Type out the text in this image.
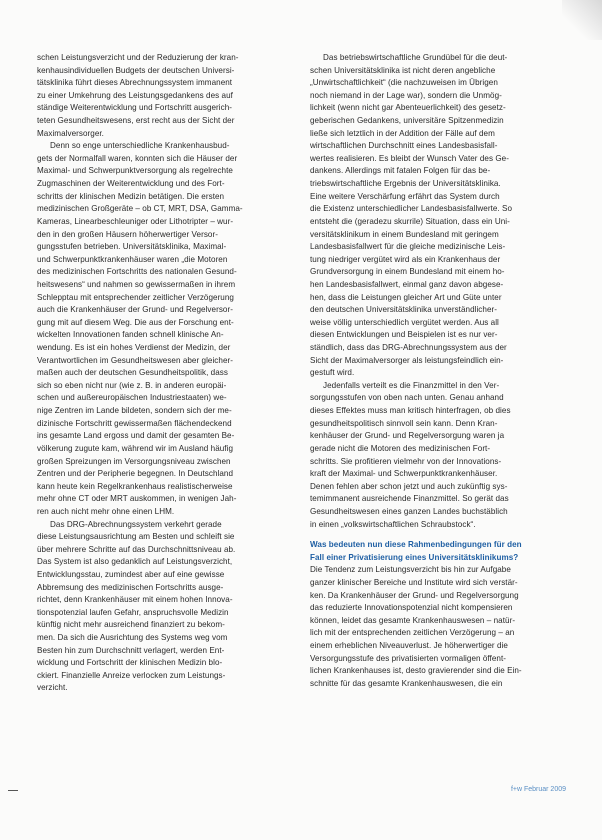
schen Leistungsverzicht und der Reduzierung der kran-
kenhausindividuellen Budgets der deutschen Universi-
tätsklinika führt dieses Abrechnungssystem immanent
zu einer Umkehrung des Leistungsgedankens des auf
ständige Weiterentwicklung und Fortschritt ausgerich-
teten Gesundheitswesens, erst recht aus der Sicht der
Maximalversorger.
Denn so enge unterschiedliche Krankenhausbud-
gets der Normalfall waren, konnten sich die Häuser der
Maximal- und Schwerpunktversorgung als regelrechte
Zugmaschinen der Weiterentwicklung und des Fort-
schritts der klinischen Medizin betätigen. Die ersten
medizinischen Großgeräte – ob CT, MRT, DSA, Gamma-
Kameras, Linearbeschleuniger oder Lithotripter – wur-
den in den großen Häusern höherwertiger Versor-
gungsstufen betrieben. Universitätsklinika, Maximal-
und Schwerpunktkrankenhäuser waren „die Motoren
des medizinischen Fortschritts des nationalen Gesund-
heitswesens“ und nahmen so gewissermaßen in ihrem
Schlepptau mit entsprechender zeitlicher Verzögerung
auch die Krankenhäuser der Grund- und Regelversor-
gung mit auf diesem Weg. Die aus der Forschung ent-
wickelten Innovationen fanden schnell klinische An-
wendung. Es ist ein hohes Verdienst der Medizin, der
Verantwortlichen im Gesundheitswesen aber gleicher-
maßen auch der deutschen Gesundheitspolitik, dass
sich so eben nicht nur (wie z. B. in anderen europäi-
schen und außereuropäischen Industriestaaten) we-
nige Zentren im Lande bildeten, sondern sich der me-
dizinische Fortschritt gewissermaßen flächendeckend
ins gesamte Land ergoss und damit der gesamten Be-
völkerung zugute kam, während wir im Ausland häufig
großen Spreizungen im Versorgungsniveau zwischen
Zentren und der Peripherie begegnen. In Deutschland
kann heute kein Regelkrankenhaus realistischerweise
mehr ohne CT oder MRT auskommen, in wenigen Jah-
ren auch nicht mehr ohne einen LHM.
Das DRG-Abrechnungssystem verkehrt gerade
diese Leistungsausrichtung am Besten und schleift sie
über mehrere Schritte auf das Durchschnittsniveau ab.
Das System ist also gedanklich auf Leistungsverzicht,
Entwicklungsstau, zumindest aber auf eine gewisse
Abbremsung des medizinischen Fortschritts ausge-
richtet, denn Krankenhäuser mit einem hohen Innova-
tionspotenzial laufen Gefahr, anspruchsvolle Medizin
künftig nicht mehr ausreichend finanziert zu bekom-
men. Da sich die Ausrichtung des Systems weg vom
Besten hin zum Durchschnitt verlagert, werden Ent-
wicklung und Fortschritt der klinischen Medizin blo-
ckiert. Finanzielle Anreize verlocken zum Leistungs-
verzicht.
Das betriebswirtschaftliche Grundübel für die deut-
schen Universitätsklinika ist nicht deren angebliche
„Unwirtschaftlichkeit“ (die nachzuweisen im Übrigen
noch niemand in der Lage war), sondern die Unmög-
lichkeit (wenn nicht gar Abenteuerlichkeit) des gesetz-
geberischen Gedankens, universitäre Spitzenmedizin
ließe sich letztlich in der Addition der Fälle auf dem
wirtschaftlichen Durchschnitt eines Landesbasisfall-
wertes realisieren. Es bleibt der Wunsch Vater des Ge-
dankens. Allerdings mit fatalen Folgen für das be-
triebswirtschaftliche Ergebnis der Universitätsklinika.
Eine weitere Verschärfung erfährt das System durch
die Existenz unterschiedlicher Landesbasisfallwerte. So
entsteht die (geradezu skurrile) Situation, dass ein Uni-
versitätsklinikum in einem Bundesland mit geringem
Landesbasisfallwert für die gleiche medizinische Leis-
tung niedriger vergütet wird als ein Krankenhaus der
Grundversorgung in einem Bundesland mit einem ho-
hen Landesbasisfallwert, einmal ganz davon abgese-
hen, dass die Leistungen gleicher Art und Güte unter
den deutschen Universitätsklinika unverständlicher-
weise völlig unterschiedlich vergütet werden. Aus all
diesen Entwicklungen und Beispielen ist es nur ver-
ständlich, dass das DRG-Abrechnungssystem aus der
Sicht der Maximalversorger als leistungsfeindlich ein-
gestuft wird.
Jedenfalls verteilt es die Finanzmittel in den Ver-
sorgungsstufen von oben nach unten. Genau anhand
dieses Effektes muss man kritisch hinterfragen, ob dies
gesundheitspolitisch sinnvoll sein kann. Denn Kran-
kenhäuser der Grund- und Regelversorgung waren ja
gerade nicht die Motoren des medizinischen Fort-
schritts. Sie profitieren vielmehr von der Innovations-
kraft der Maximal- und Schwerpunktkrankenhäuser.
Denen fehlen aber schon jetzt und auch zukünftig sys-
temimmanent ausreichende Finanzmittel. So gerät das
Gesundheitswesen eines ganzen Landes buchstäblich
in einen „volkswirtschaftlichen Schraubstock“.
Was bedeuten nun diese Rahmenbedingungen für den
Fall einer Privatisierung eines Universitätsklinikums?
Die Tendenz zum Leistungsverzicht bis hin zur Aufgabe
ganzer klinischer Bereiche und Institute wird sich verstär-
ken. Da Krankenhäuser der Grund- und Regelversorgung
das reduzierte Innovationspotenzial nicht kompensieren
können, leidet das gesamte Krankenhauswesen – natür-
lich mit der entsprechenden zeitlichen Verzögerung – an
einem erheblichen Niveauverlust. Je höherwertiger die
Versorgungsstufe des privatisierten vormaligen öffent-
lichen Krankenhauses ist, desto gravierender sind die Ein-
schnitte für das gesamte Krankenhauswesen, die ein
f+w Februar 2009
